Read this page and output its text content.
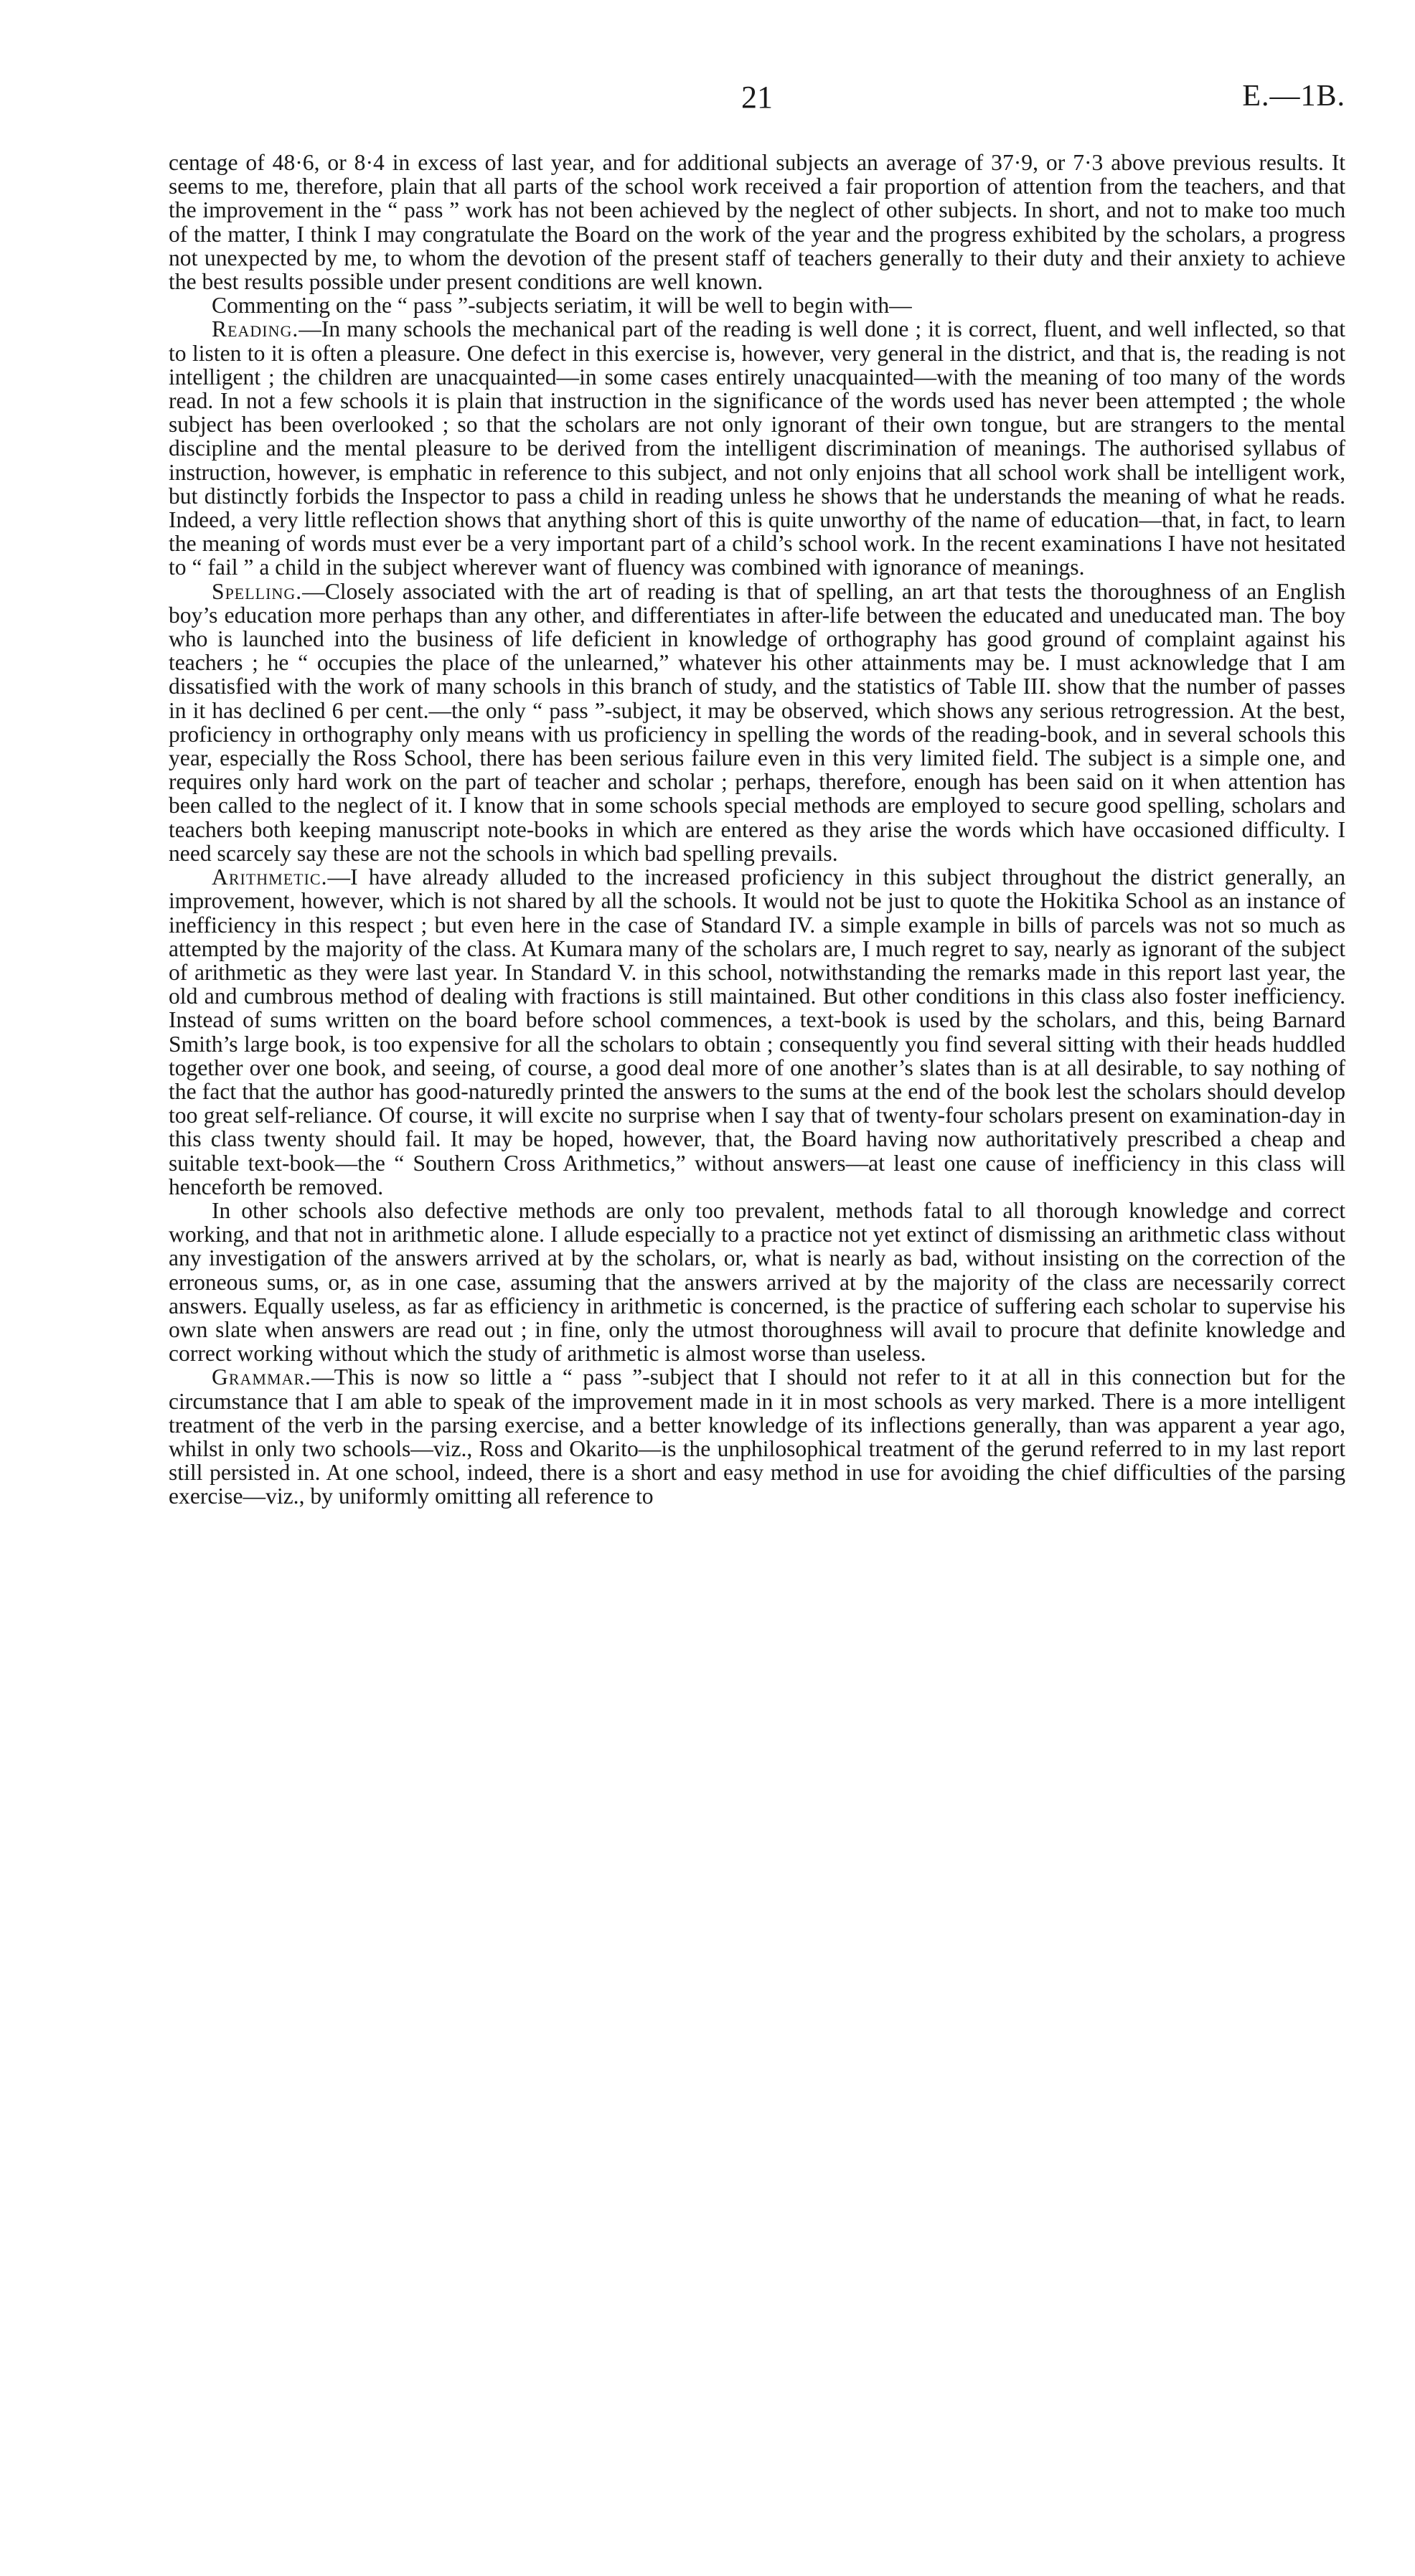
21	E.—1B.

centage of 48·6, or 8·4 in excess of last year, and for additional subjects an average of 37·9, or 7·3 above previous results. It seems to me, therefore, plain that all parts of the school work received a fair proportion of attention from the teachers, and that the improvement in the “ pass ” work has not been achieved by the neglect of other subjects. In short, and not to make too much of the matter, I think I may congratulate the Board on the work of the year and the progress exhibited by the scholars, a progress not unexpected by me, to whom the devotion of the present staff of teachers generally to their duty and their anxiety to achieve the best results possible under present conditions are well known.

Commenting on the “ pass ”-subjects seriatim, it will be well to begin with—

Reading.—In many schools the mechanical part of the reading is well done ; it is correct, fluent, and well inflected, so that to listen to it is often a pleasure. One defect in this exercise is, however, very general in the district, and that is, the reading is not intelligent ; the children are unacquainted—in some cases entirely unacquainted—with the meaning of too many of the words read. In not a few schools it is plain that instruction in the significance of the words used has never been attempted ; the whole subject has been overlooked ; so that the scholars are not only ignorant of their own tongue, but are strangers to the mental discipline and the mental pleasure to be derived from the intelligent discrimination of meanings. The authorised syllabus of instruction, however, is emphatic in reference to this subject, and not only enjoins that all school work shall be intelligent work, but distinctly forbids the Inspector to pass a child in reading unless he shows that he understands the meaning of what he reads. Indeed, a very little reflection shows that anything short of this is quite unworthy of the name of education—that, in fact, to learn the meaning of words must ever be a very important part of a child’s school work. In the recent examinations I have not hesitated to “ fail ” a child in the subject wherever want of fluency was combined with ignorance of meanings.

Spelling.—Closely associated with the art of reading is that of spelling, an art that tests the thoroughness of an English boy’s education more perhaps than any other, and differentiates in after-life between the educated and uneducated man. The boy who is launched into the business of life deficient in knowledge of orthography has good ground of complaint against his teachers ; he “ occupies the place of the unlearned,” whatever his other attainments may be. I must acknowledge that I am dissatisfied with the work of many schools in this branch of study, and the statistics of Table III. show that the number of passes in it has declined 6 per cent.—the only “ pass ”-subject, it may be observed, which shows any serious retrogression. At the best, proficiency in orthography only means with us proficiency in spelling the words of the reading-book, and in several schools this year, especially the Ross School, there has been serious failure even in this very limited field. The subject is a simple one, and requires only hard work on the part of teacher and scholar ; perhaps, therefore, enough has been said on it when attention has been called to the neglect of it. I know that in some schools special methods are employed to secure good spelling, scholars and teachers both keeping manuscript note-books in which are entered as they arise the words which have occasioned difficulty. I need scarcely say these are not the schools in which bad spelling prevails.

Arithmetic.—I have already alluded to the increased proficiency in this subject throughout the district generally, an improvement, however, which is not shared by all the schools. It would not be just to quote the Hokitika School as an instance of inefficiency in this respect ; but even here in the case of Standard IV. a simple example in bills of parcels was not so much as attempted by the majority of the class. At Kumara many of the scholars are, I much regret to say, nearly as ignorant of the subject of arithmetic as they were last year. In Standard V. in this school, notwithstanding the remarks made in this report last year, the old and cumbrous method of dealing with fractions is still maintained. But other conditions in this class also foster inefficiency. Instead of sums written on the board before school commences, a text-book is used by the scholars, and this, being Barnard Smith’s large book, is too expensive for all the scholars to obtain ; consequently you find several sitting with their heads huddled together over one book, and seeing, of course, a good deal more of one another’s slates than is at all desirable, to say nothing of the fact that the author has good-naturedly printed the answers to the sums at the end of the book lest the scholars should develop too great self-reliance. Of course, it will excite no surprise when I say that of twenty-four scholars present on examination-day in this class twenty should fail. It may be hoped, however, that, the Board having now authoritatively prescribed a cheap and suitable text-book—the “ Southern Cross Arithmetics,” without answers—at least one cause of inefficiency in this class will henceforth be removed.

In other schools also defective methods are only too prevalent, methods fatal to all thorough knowledge and correct working, and that not in arithmetic alone. I allude especially to a practice not yet extinct of dismissing an arithmetic class without any investigation of the answers arrived at by the scholars, or, what is nearly as bad, without insisting on the correction of the erroneous sums, or, as in one case, assuming that the answers arrived at by the majority of the class are necessarily correct answers. Equally useless, as far as efficiency in arithmetic is concerned, is the practice of suffering each scholar to supervise his own slate when answers are read out ; in fine, only the utmost thoroughness will avail to procure that definite knowledge and correct working without which the study of arithmetic is almost worse than useless.

Grammar.—This is now so little a “ pass ”-subject that I should not refer to it at all in this connection but for the circumstance that I am able to speak of the improvement made in it in most schools as very marked. There is a more intelligent treatment of the verb in the parsing exercise, and a better knowledge of its inflections generally, than was apparent a year ago, whilst in only two schools—viz., Ross and Okarito—is the unphilosophical treatment of the gerund referred to in my last report still persisted in. At one school, indeed, there is a short and easy method in use for avoiding the chief difficulties of the parsing exercise—viz., by uniformly omitting all reference to
